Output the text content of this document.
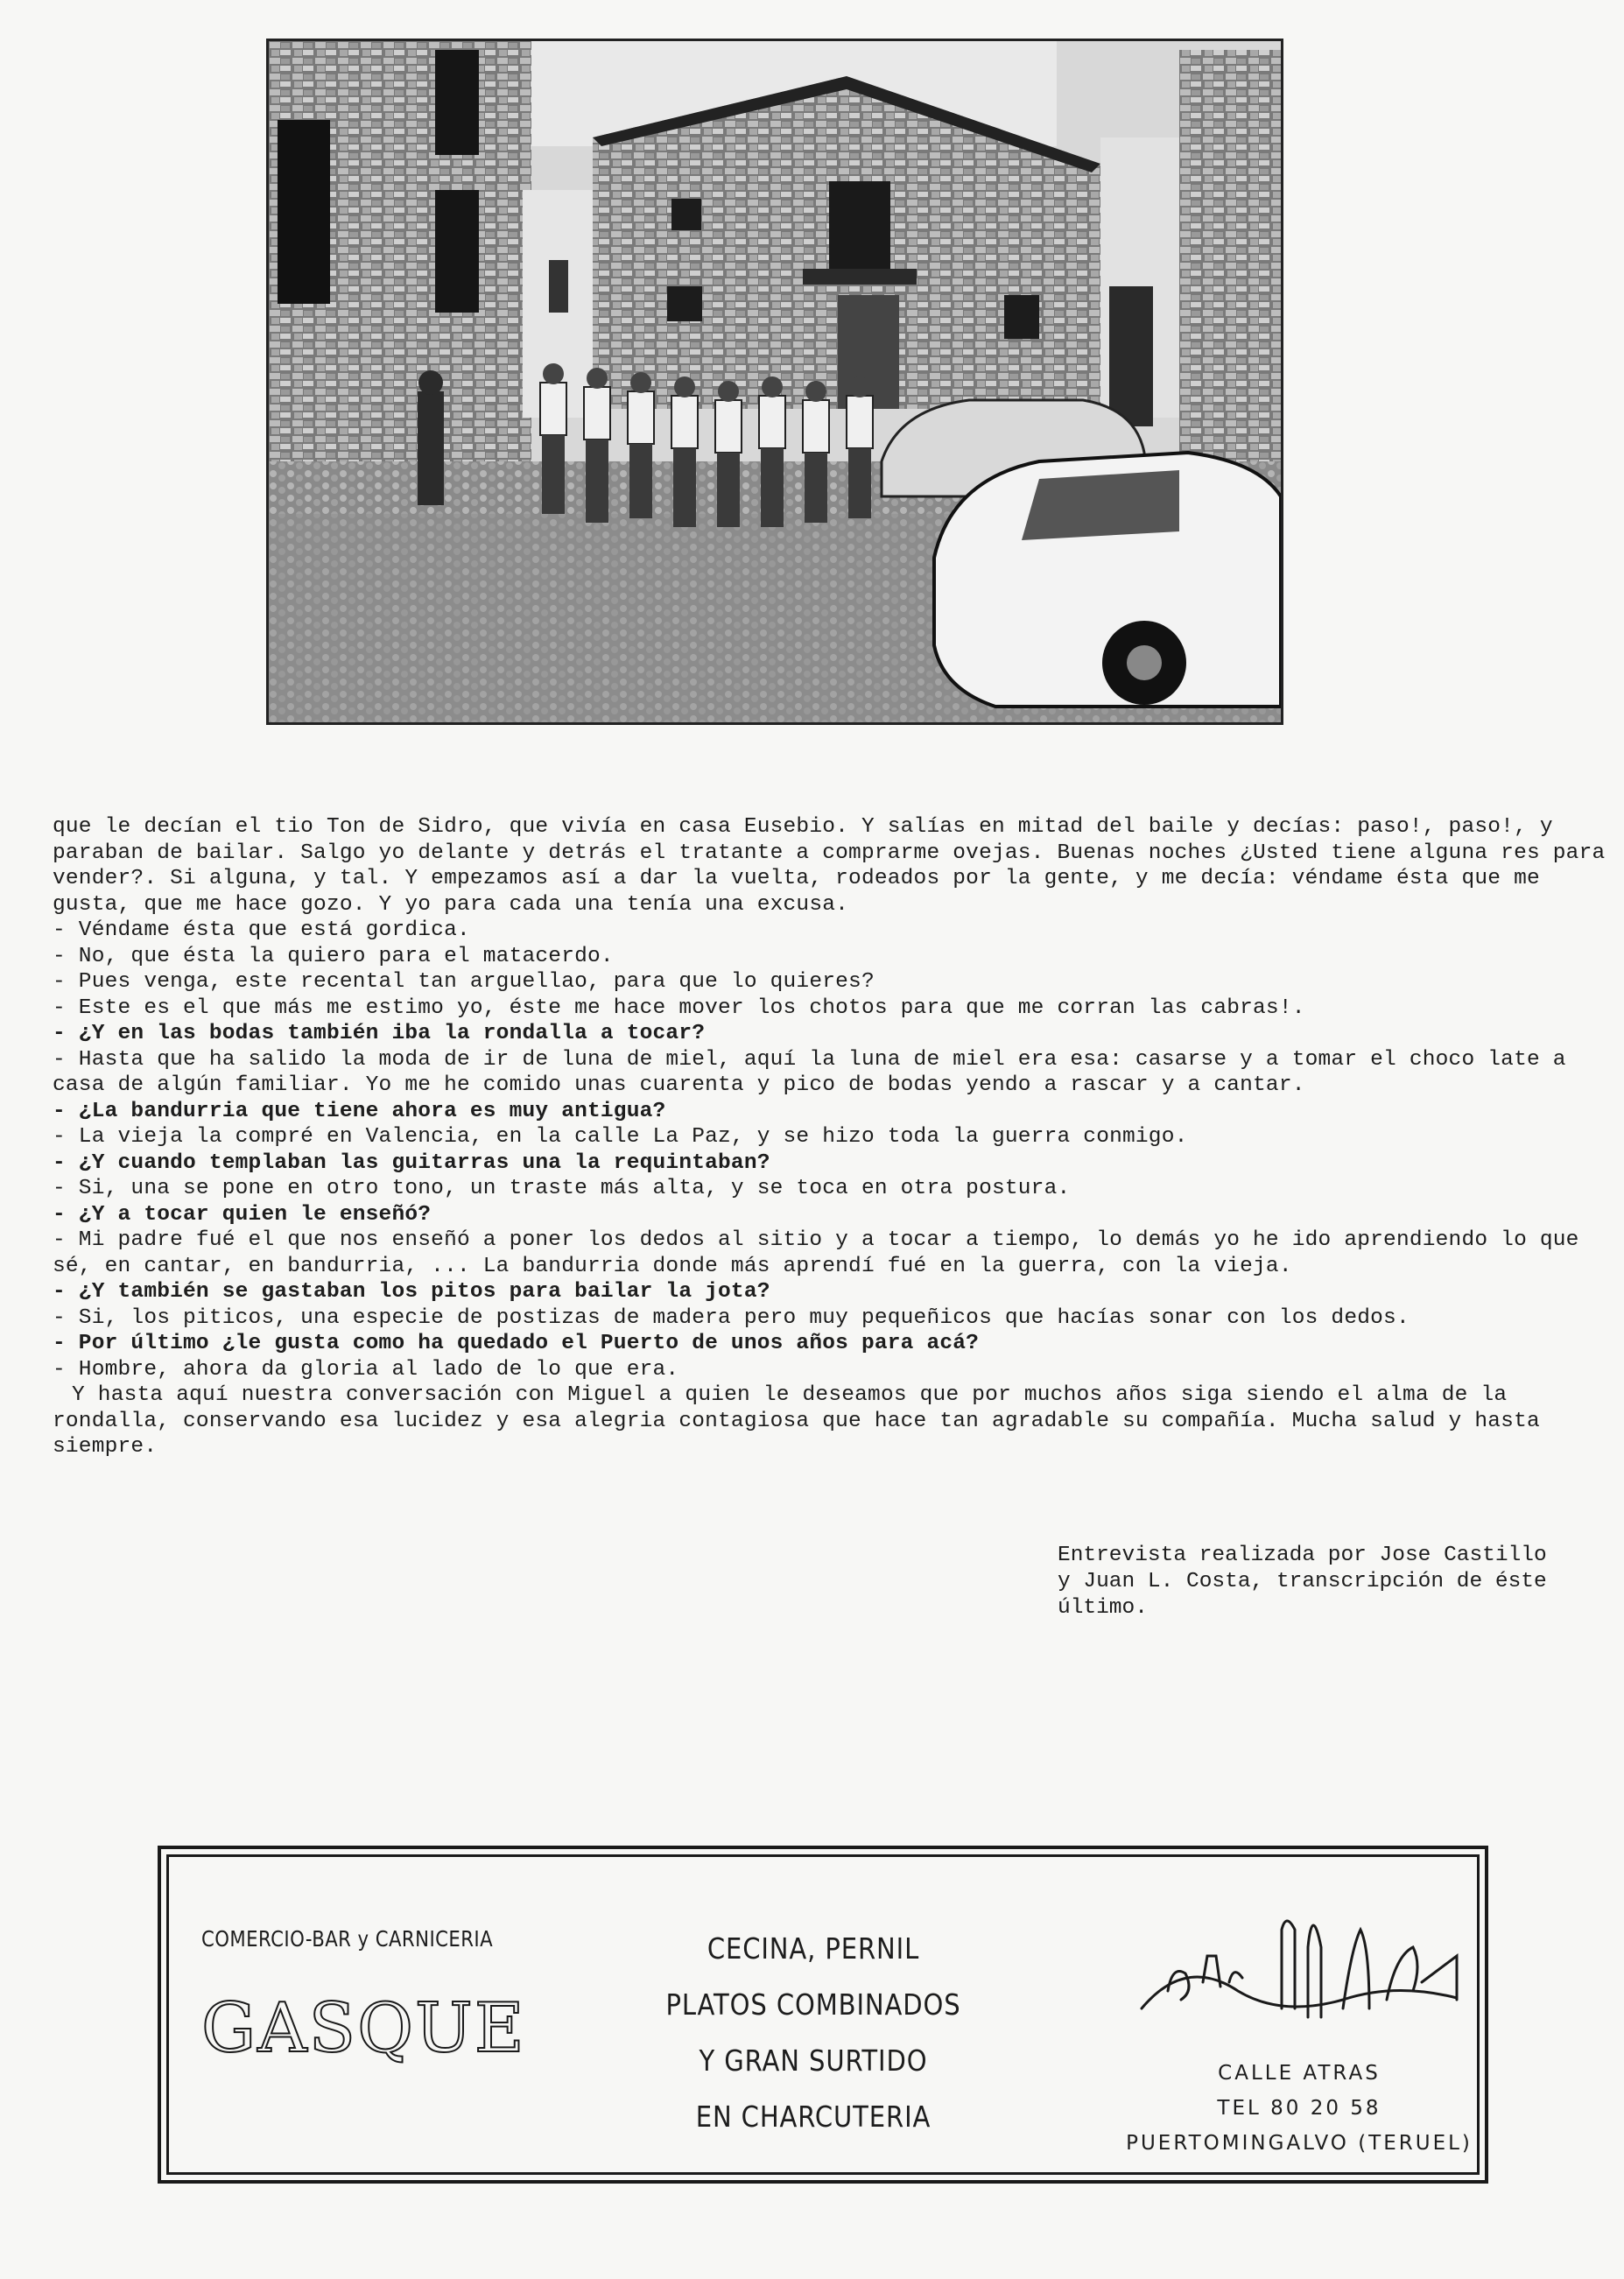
que le decían el tio Ton de Sidro, que vivía en casa Eusebio. Y salías en mitad del baile y decías: paso!, paso!, y paraban de bailar. Salgo yo delante y detrás el tratante a comprarme ovejas. Buenas noches ¿Usted tiene alguna res para vender?. Si alguna, y tal. Y empezamos así a dar la vuelta, rodeados por la gente, y me decía: véndame ésta que me gusta, que me hace gozo. Y yo para cada una tenía una excusa.

- Véndame ésta que está gordica.

- No, que ésta la quiero para el matacerdo.

- Pues venga, este recental tan arguellao, para que lo quieres?

- Este es el que más me estimo yo, éste me hace mover los chotos para que me corran las cabras!.

- ¿Y en las bodas también iba la rondalla a tocar?

- Hasta que ha salido la moda de ir de luna de miel, aquí la luna de miel era esa: casarse y a tomar el choco late a casa de algún familiar. Yo me he comido unas cuarenta y pico de bodas yendo a rascar y a cantar.

- ¿La bandurria que tiene ahora es muy antigua?

- La vieja la compré en Valencia, en la calle La Paz, y se hizo toda la guerra conmigo.

- ¿Y cuando templaban las guitarras una la requintaban?

- Si, una se pone en otro tono, un traste más alta, y se toca en otra postura.

- ¿Y a tocar quien le enseñó?

- Mi padre fué el que nos enseñó a poner los dedos al sitio y a tocar a tiempo, lo demás yo he ido aprendiendo lo que sé, en cantar, en bandurria, ... La bandurria donde más aprendí fué en la guerra, con la vieja.

- ¿Y también se gastaban los pitos para bailar la jota?

- Si, los piticos, una especie de postizas de madera pero muy pequeñicos que hacías sonar con los dedos.

- Por último ¿le gusta como ha quedado el Puerto de unos años para acá?

- Hombre, ahora da gloria al lado de lo que era.

Y hasta aquí nuestra conversación con Miguel a quien le deseamos que por muchos años siga siendo el alma de la rondalla, conservando esa lucidez y esa alegria contagiosa que hace tan agradable su compañía. Mucha salud y hasta siempre.

Entrevista realizada por Jose Castillo

y Juan L. Costa, transcripción de éste

último.

COMERCIO-BAR y CARNICERIA
GASQUE

CECINA, PERNIL

PLATOS COMBINADOS

Y GRAN SURTIDO

EN CHARCUTERIA

CALLE ATRAS

TEL 80 20 58

PUERTOMINGALVO (TERUEL)
